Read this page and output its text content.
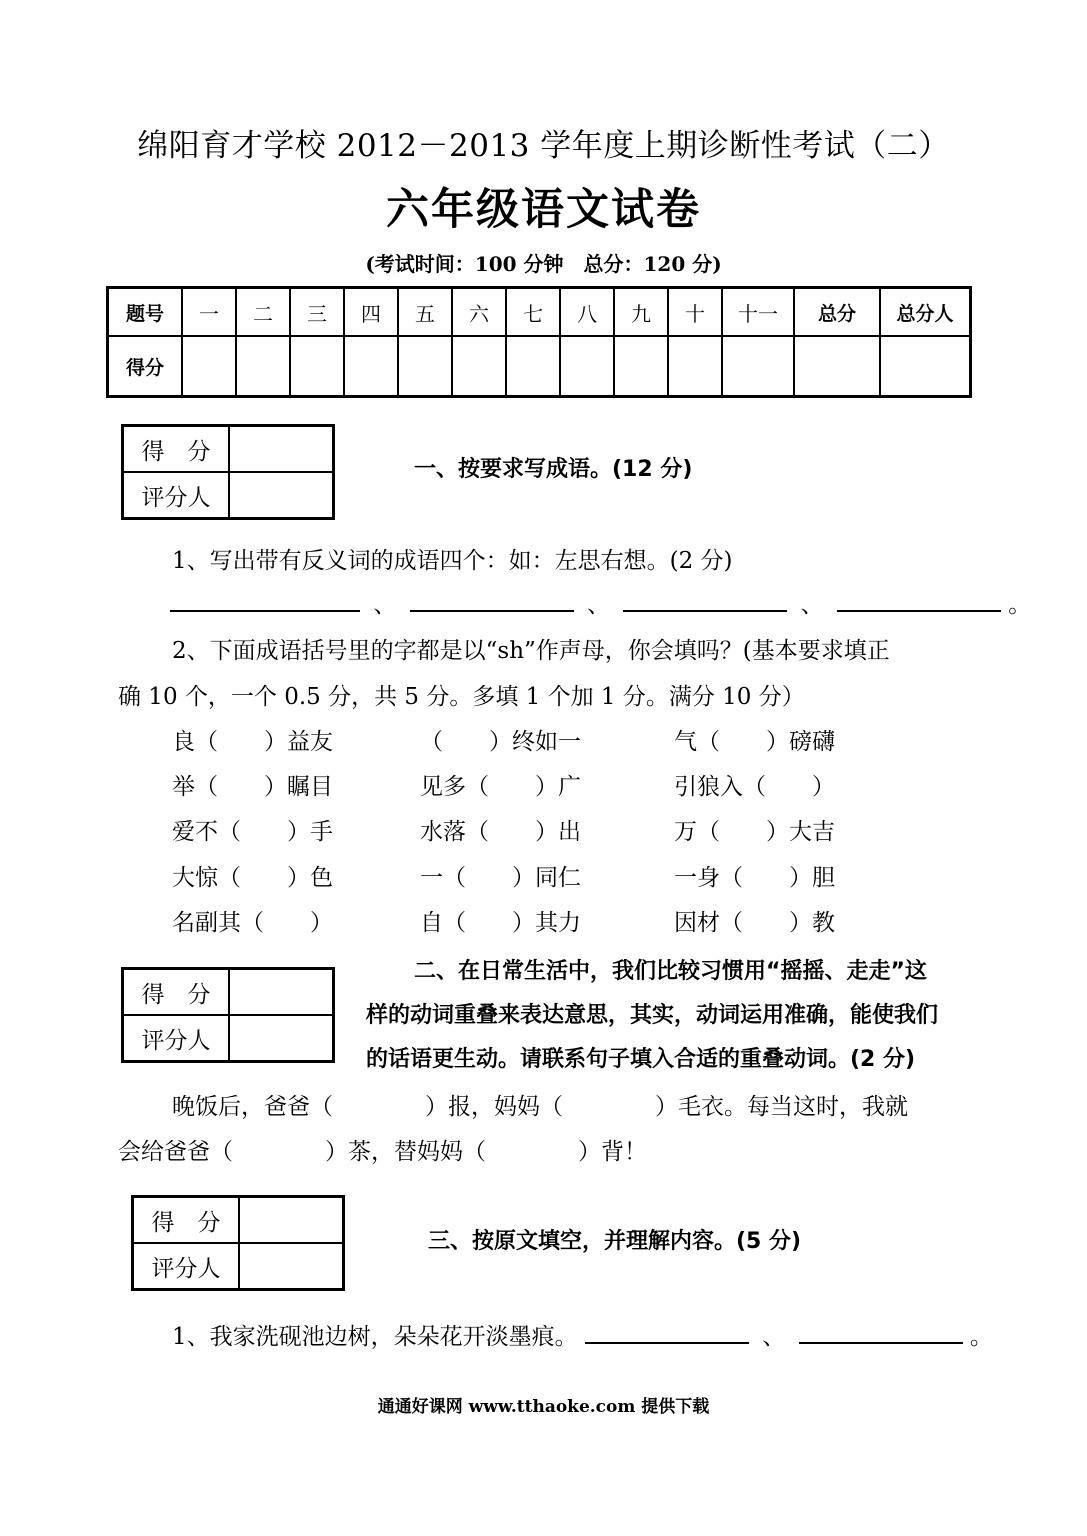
绵阳育才学校 2012－2013 学年度上期诊断性考试（二）
六年级语文试卷
(考试时间：100 分钟　总分：120 分)
题号	一	二	三	四	五	六	七	八	九	十	十一	总分	总分人
得分													
得　分	
评分人	
一、按要求写成语。(12 分)
1、写出带有反义词的成语四个：如：左思右想。(2 分)
、	、	、	。
2、下面成语括号里的字都是以“sh”作声母，你会填吗？(基本要求填正
确 10 个，一个 0.5 分，共 5 分。多填 1 个加 1 分。满分 10 分）
良（　　）益友	（　　）终如一	气（　　）磅礴
举（　　）瞩目	见多（　　）广	引狼入（　　）
爱不（　　）手	水落（　　）出	万（　　）大吉
大惊（　　）色	一（　　）同仁	一身（　　）胆
名副其（　　）	自（　　）其力	因材（　　）教
得　分	
评分人	
二、在日常生活中，我们比较习惯用“摇摇、走走”这
样的动词重叠来表达意思，其实，动词运用准确，能使我们
的话语更生动。请联系句子填入合适的重叠动词。(2 分)
晚饭后，爸爸（　　　　）报，妈妈（　　　　）毛衣。每当这时，我就
会给爸爸（　　　　）茶，替妈妈（　　　　）背！
得　分	
评分人	
三、按原文填空，并理解内容。(5 分)
1、我家洗砚池边树，朵朵花开淡墨痕。	、	。
通通好课网 www.tthaoke.com 提供下载
